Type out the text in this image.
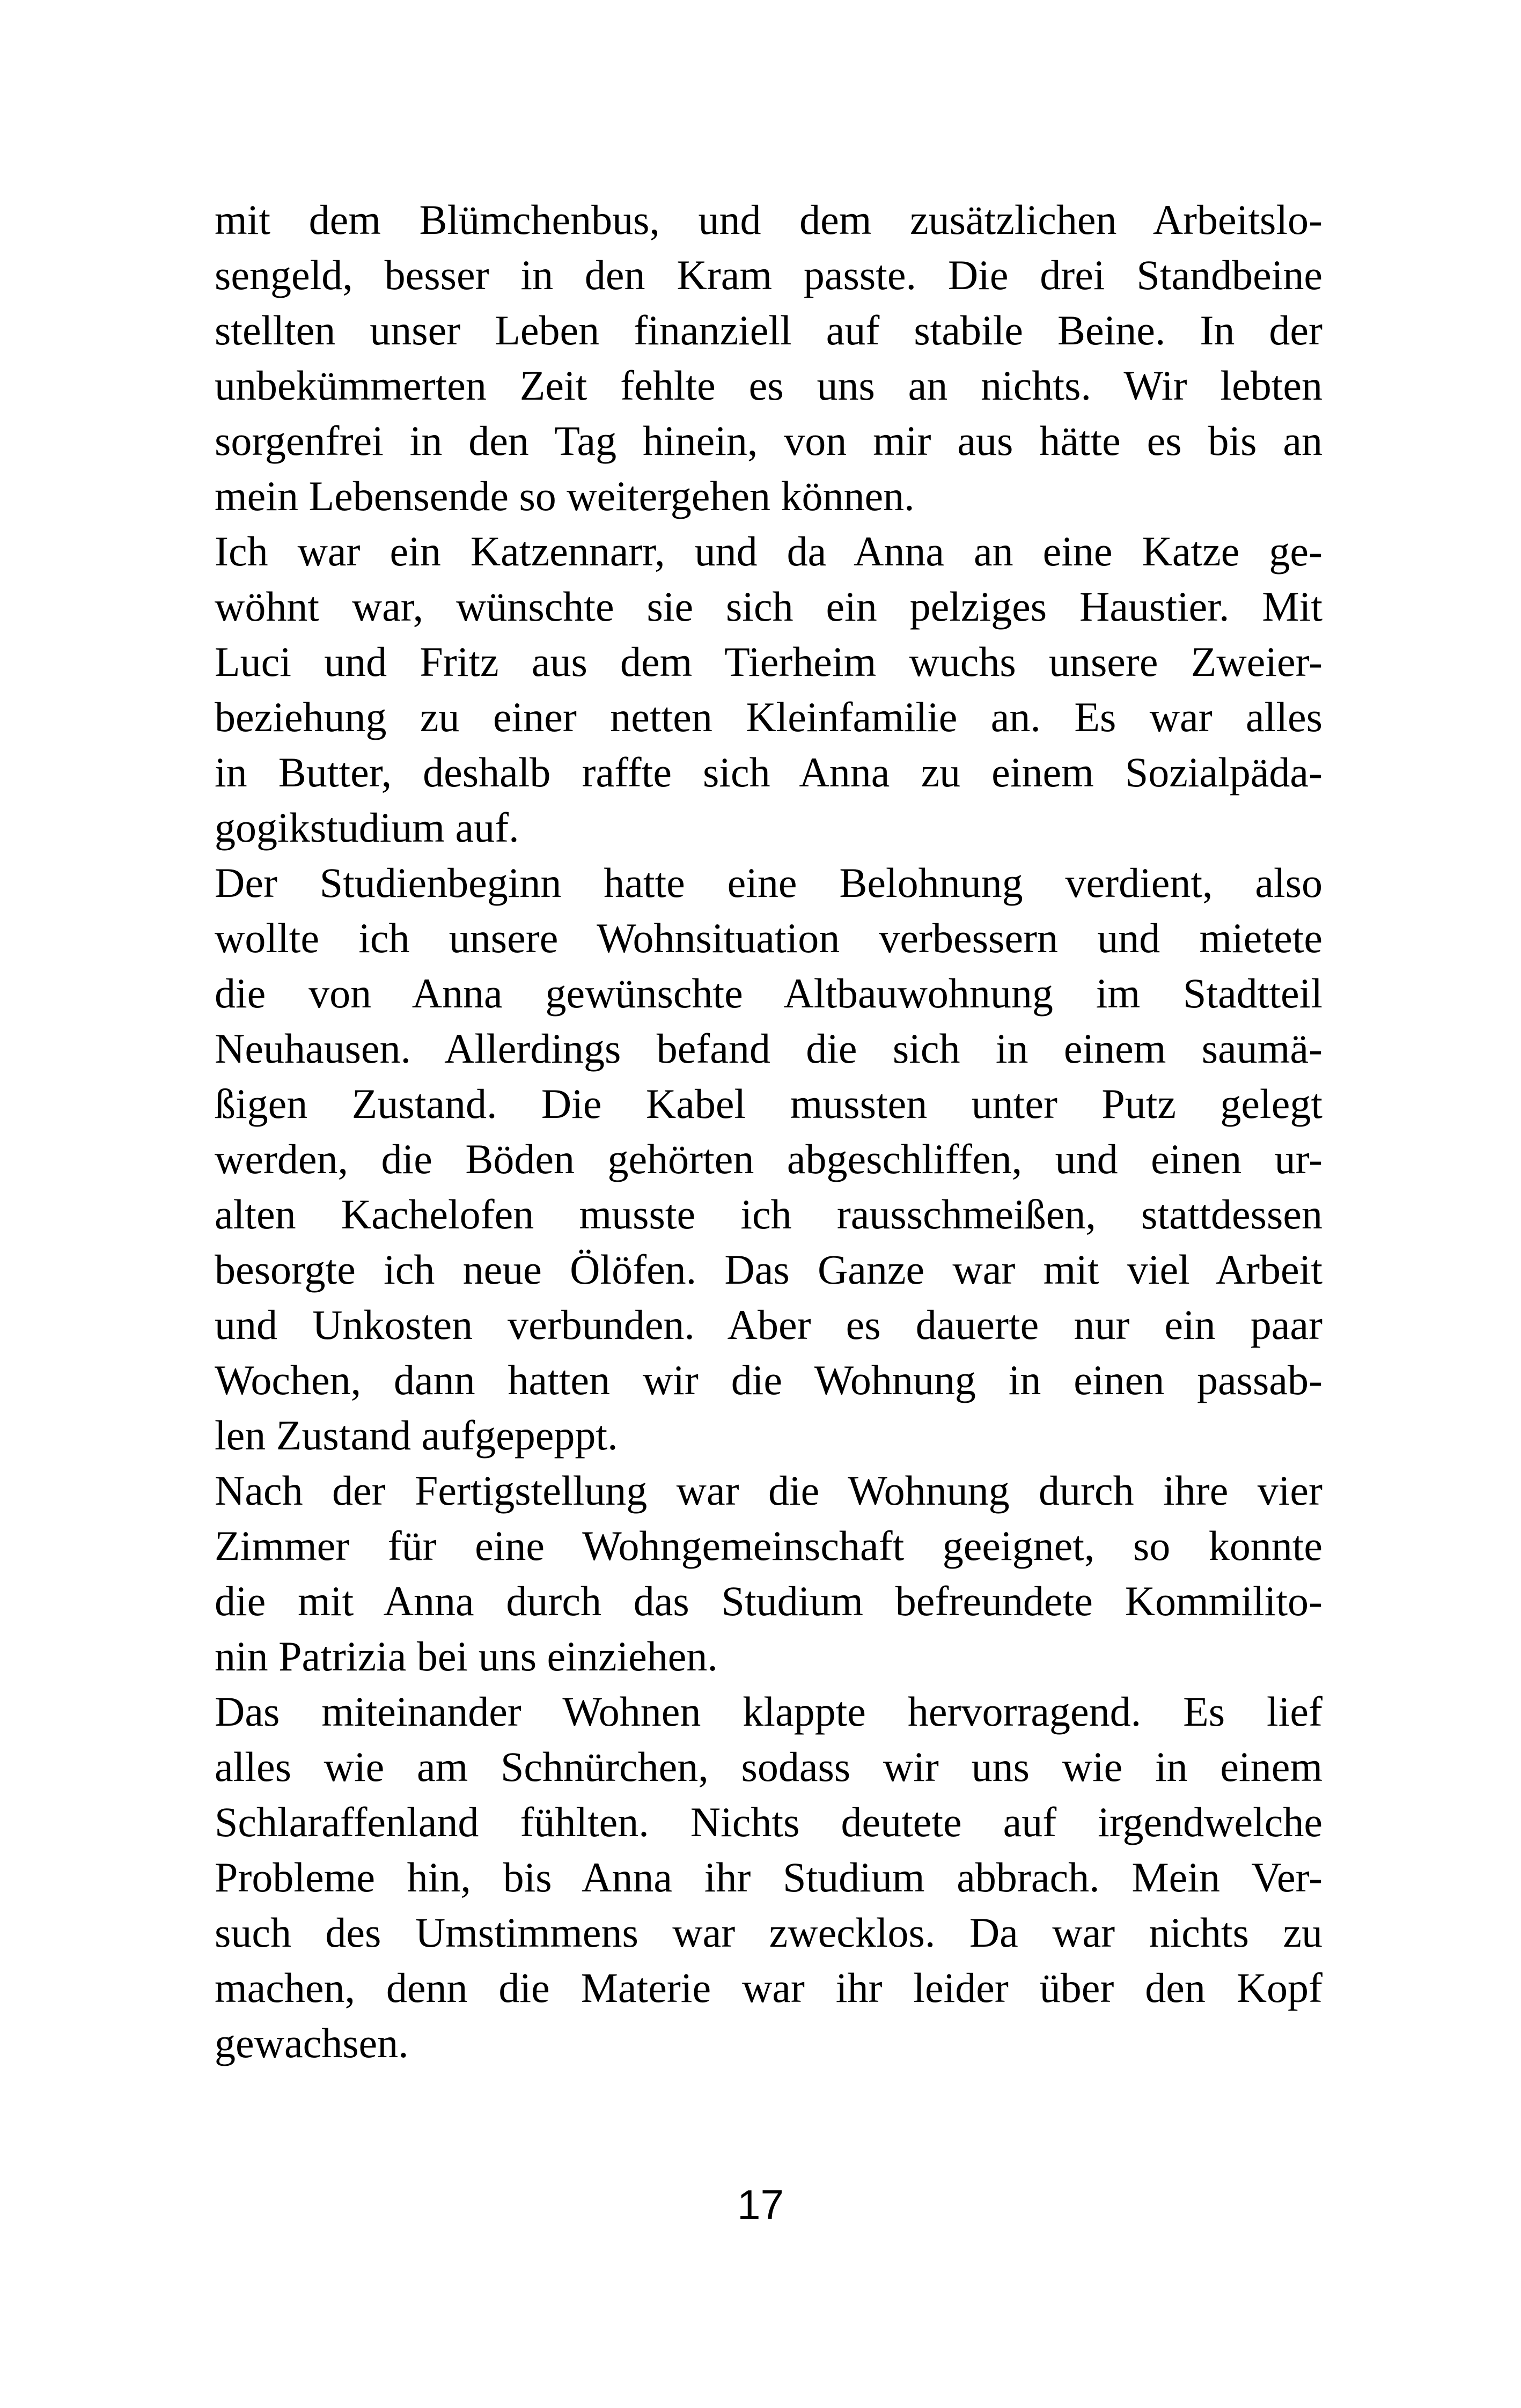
mit dem Blümchenbus, und dem zusätzlichen Arbeitslo-
sengeld, besser in den Kram passte. Die drei Standbeine
stellten unser Leben finanziell auf stabile Beine. In der
unbekümmerten Zeit fehlte es uns an nichts. Wir lebten
sorgenfrei in den Tag hinein, von mir aus hätte es bis an
mein Lebensende so weitergehen können.
Ich war ein Katzennarr, und da Anna an eine Katze ge-
wöhnt war, wünschte sie sich ein pelziges Haustier. Mit
Luci und Fritz aus dem Tierheim wuchs unsere Zweier-
beziehung zu einer netten Kleinfamilie an. Es war alles
in Butter, deshalb raffte sich Anna zu einem Sozialpäda-
gogikstudium auf.
Der Studienbeginn hatte eine Belohnung verdient, also
wollte ich unsere Wohnsituation verbessern und mietete
die von Anna gewünschte Altbauwohnung im Stadtteil
Neuhausen. Allerdings befand die sich in einem saumä-
ßigen Zustand. Die Kabel mussten unter Putz gelegt
werden, die Böden gehörten abgeschliffen, und einen ur-
alten Kachelofen musste ich rausschmeißen, stattdessen
besorgte ich neue Ölöfen. Das Ganze war mit viel Arbeit
und Unkosten verbunden. Aber es dauerte nur ein paar
Wochen, dann hatten wir die Wohnung in einen passab-
len Zustand aufgepeppt.
Nach der Fertigstellung war die Wohnung durch ihre vier
Zimmer für eine Wohngemeinschaft geeignet, so konnte
die mit Anna durch das Studium befreundete Kommilito-
nin Patrizia bei uns einziehen.
Das miteinander Wohnen klappte hervorragend. Es lief
alles wie am Schnürchen, sodass wir uns wie in einem
Schlaraffenland fühlten. Nichts deutete auf irgendwelche
Probleme hin, bis Anna ihr Studium abbrach. Mein Ver-
such des Umstimmens war zwecklos. Da war nichts zu
machen, denn die Materie war ihr leider über den Kopf
gewachsen.
17
